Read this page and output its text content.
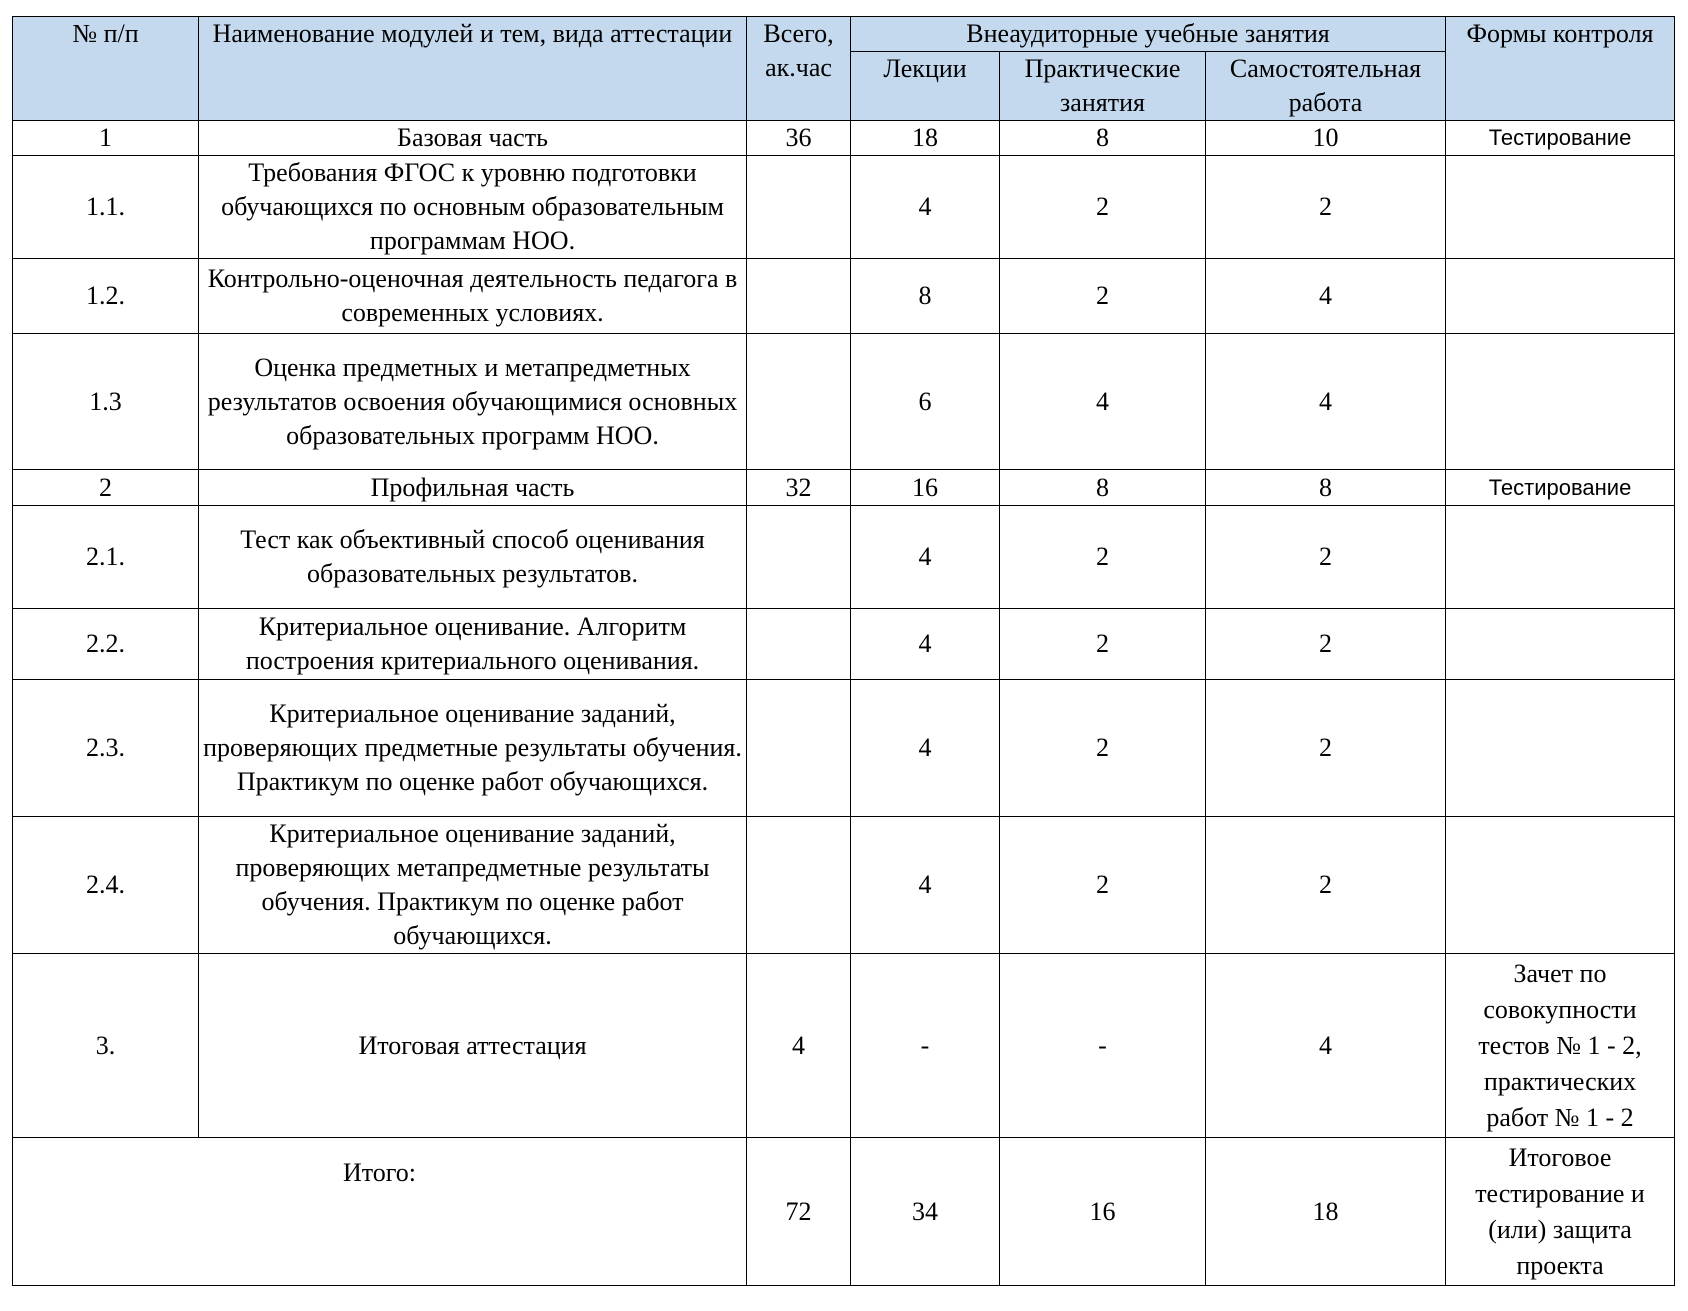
№ п/п	Наименование модулей и тем, вида аттестации	Всего, ак.час	Внеаудиторные учебные занятия			Формы контроля
			Лекции	Практические занятия	Самостоятельная работа	
1	Базовая часть	36	18	8	10	Тестирование
1.1.	Требования ФГОС к уровню подготовки обучающихся по основным образовательным программам НОО.		4	2	2	
1.2.	Контрольно-оценочная деятельность педагога в современных условиях.		8	2	4	
1.3	Оценка предметных и метапредметных результатов освоения обучающимися основных образовательных программ НОО.		6	4	4	
2	Профильная часть	32	16	8	8	Тестирование
2.1.	Тест как объективный способ оценивания образовательных результатов.		4	2	2	
2.2.	Критериальное оценивание. Алгоритм построения критериального оценивания.		4	2	2	
2.3.	Критериальное оценивание заданий, проверяющих предметные результаты обучения. Практикум по оценке работ обучающихся.		4	2	2	
2.4.	Критериальное оценивание заданий, проверяющих метапредметные результаты обучения. Практикум по оценке работ обучающихся.		4	2	2	
3.	Итоговая аттестация	4	-	-	4	Зачет по совокупности тестов № 1 - 2, практических работ № 1 - 2
Итого:		72	34	16	18	Итоговое тестирование и (или) защита проекта
